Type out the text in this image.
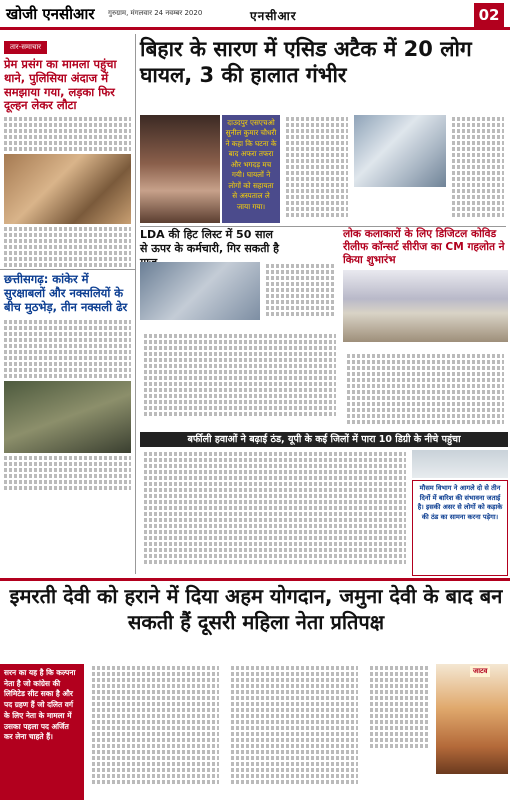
खोजी एनसीआर गुरुग्राम, मंगलवार 24 नवम्बर 2020	एनसीआर	02
तार-समाचार
प्रेम प्रसंग का मामला पहुंचा थाने, पुलिसिया अंदाज में समझाया गया, लड़का फिर दूल्हन लेकर लौटा
छत्तीसगढ़: कांकेर में सुरक्षाबलों और नक्सलियों के बीच मुठभेड़, तीन नक्सली ढेर
बिहार के सारण में एसिड अटैक में 20 लोग घायल, 3 की हालात गंभीर
दाउदपुर एसएचओ सुनील कुमार चौधरी ने कहा कि घटना के बाद अफरा तफरा और भगदड़ मच गयी। घायलों ने लोगों को सहायता से अस्पताल ले जाया गया।
LDA की हिट लिस्ट में 50 साल से ऊपर के कर्मचारी, गिर सकती है
लोक कलाकारों के लिए डिजिटल कोविड रीलीफ कॉन्सर्ट सीरीज का CM गहलोत ने किया शुभारंभ
बर्फीली हवाओं ने बढ़ाई ठंड, यूपी के कई जिलों में पारा 10 डिग्री के नीचे पहुंचा
मौसम विभाग ने आगले दो से तीन दिनों में बारिश की संभावना जताई है। इसकी असर से लोगों को कड़ाके की ठंड का सामना करना पड़ेगा।
इमरती देवी को हराने में दिया अहम योगदान, जमुना देवी के बाद बन सकती हैं दूसरी महिला नेता प्रतिपक्ष
सरन का यह है कि कल्पना नेता है जो कांग्रेस की लिमिटेड सीट सका है और पद ग्रहण हैं जो दलित वर्ग के लिए नेता के मामला में उसका पहला पद अर्जित कर लेना चाहते हैं।
जाटव
